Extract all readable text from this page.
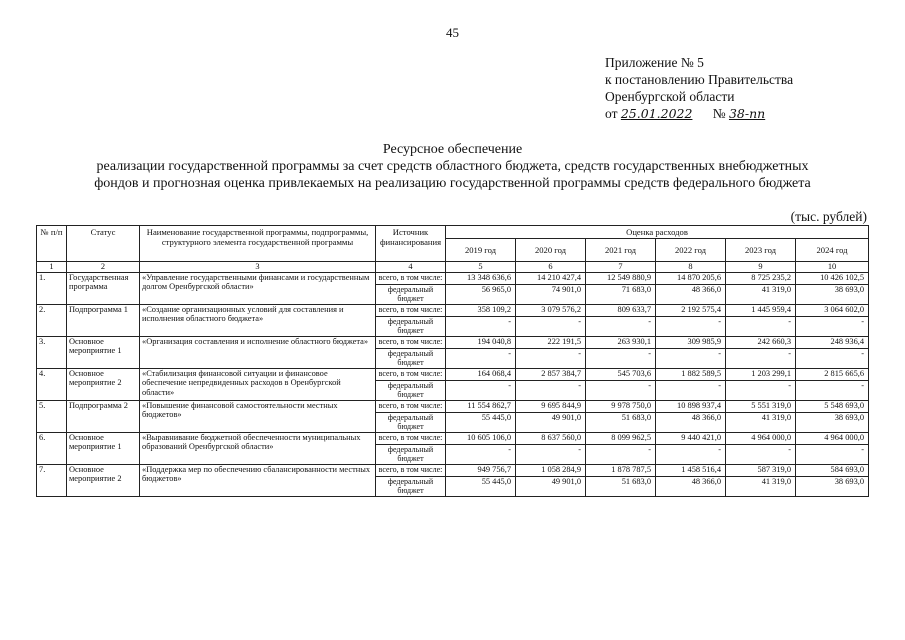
45
Приложение № 5
к постановлению Правительства
Оренбургской области
от 25.01.2022 № 38-пп
Ресурсное обеспечение
реализации государственной программы за счет средств областного бюджета, средств государственных внебюджетных
фондов и прогнозная оценка привлекаемых на реализацию государственной программы средств федерального бюджета
(тыс. рублей)
№ п/п	Статус	Наименование государственной программы, подпрограммы, структурного элемента государственной программы	Источник финансирования	Оценка расходов					
				2019 год	2020 год	2021 год	2022 год	2023 год	2024 год
1	2	3	4	5	6	7	8	9	10
1.	Государственная программа	«Управление государственными финансами и государственным долгом Оренбургской области»	всего, в том числе:	13 348 636,6	14 210 427,4	12 549 880,9	14 870 205,6	8 725 235,2	10 426 102,5
			федеральный бюджет	56 965,0	74 901,0	71 683,0	48 366,0	41 319,0	38 693,0
2.	Подпрограмма 1	«Создание организационных условий для составления и исполнения областного бюджета»	всего, в том числе:	358 109,2	3 079 576,2	809 633,7	2 192 575,4	1 445 959,4	3 064 602,0
			федеральный бюджет	-	-	-	-	-	-
3.	Основное мероприятие 1	«Организация составления и исполнение областного бюджета»	всего, в том числе:	194 040,8	222 191,5	263 930,1	309 985,9	242 660,3	248 936,4
			федеральный бюджет	-	-	-	-	-	-
4.	Основное мероприятие 2	«Стабилизация финансовой ситуации и финансовое обеспечение непредвиденных расходов в Оренбургской области»	всего, в том числе:	164 068,4	2 857 384,7	545 703,6	1 882 589,5	1 203 299,1	2 815 665,6
			федеральный бюджет	-	-	-	-	-	-
5.	Подпрограмма 2	«Повышение финансовой самостоятельности местных бюджетов»	всего, в том числе:	11 554 862,7	9 695 844,9	9 978 750,0	10 898 937,4	5 551 319,0	5 548 693,0
			федеральный бюджет	55 445,0	49 901,0	51 683,0	48 366,0	41 319,0	38 693,0
6.	Основное мероприятие 1	«Выравнивание бюджетной обеспеченности муниципальных образований Оренбургской области»	всего, в том числе:	10 605 106,0	8 637 560,0	8 099 962,5	9 440 421,0	4 964 000,0	4 964 000,0
			федеральный бюджет	-	-	-	-	-	-
7.	Основное мероприятие 2	«Поддержка мер по обеспечению сбалансированности местных бюджетов»	всего, в том числе:	949 756,7	1 058 284,9	1 878 787,5	1 458 516,4	587 319,0	584 693,0
			федеральный бюджет	55 445,0	49 901,0	51 683,0	48 366,0	41 319,0	38 693,0
